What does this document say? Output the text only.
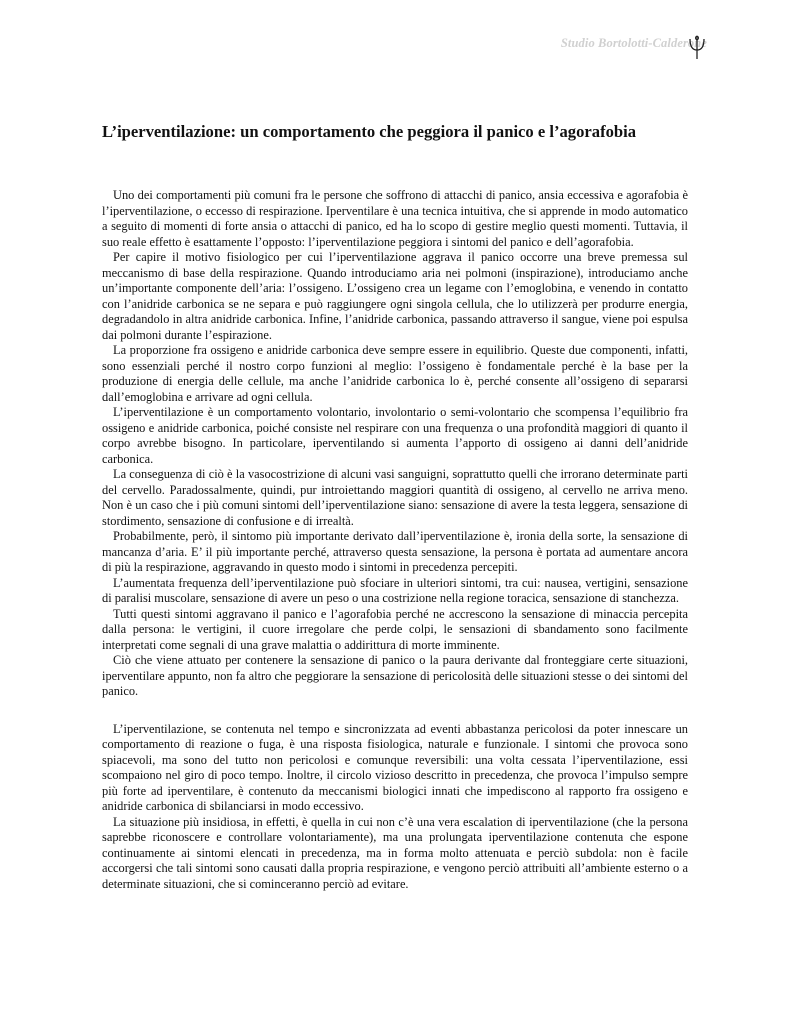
Studio Bortolotti-Calderone
L’iperventilazione: un comportamento che peggiora il panico e l’agorafobia

Uno dei comportamenti più comuni fra le persone che soffrono di attacchi di panico, ansia eccessiva e agorafobia è l’iperventilazione, o eccesso di respirazione. Iperventilare è una tecnica intuitiva, che si apprende in modo automatico a seguito di momenti di forte ansia o attacchi di panico, ed ha lo scopo di gestire meglio questi momenti. Tuttavia, il suo reale effetto è esattamente l’opposto: l’iperventilazione peggiora i sintomi del panico e dell’agorafobia.

Per capire il motivo fisiologico per cui l’iperventilazione aggrava il panico occorre una breve premessa sul meccanismo di base della respirazione. Quando introduciamo aria nei polmoni (inspirazione), introduciamo anche un’importante componente dell’aria: l’ossigeno. L’ossigeno crea un legame con l’emoglobina, e venendo in contatto con l’anidride carbonica se ne separa e può raggiungere ogni singola cellula, che lo utilizzerà per produrre energia, degradandolo in altra anidride carbonica. Infine, l’anidride carbonica, passando attraverso il sangue, viene poi espulsa dai polmoni durante l’espirazione.

La proporzione fra ossigeno e anidride carbonica deve sempre essere in equilibrio. Queste due componenti, infatti, sono essenziali perché il nostro corpo funzioni al meglio: l’ossigeno è fondamentale perché è la base per la produzione di energia delle cellule, ma anche l’anidride carbonica lo è, perché consente all’ossigeno di separarsi dall’emoglobina e arrivare ad ogni cellula.

L’iperventilazione è un comportamento volontario, involontario o semi-volontario che scompensa l’equilibrio fra ossigeno e anidride carbonica, poiché consiste nel respirare con una frequenza o una profondità maggiori di quanto il corpo avrebbe bisogno. In particolare, iperventilando si aumenta l’apporto di ossigeno ai danni dell’anidride carbonica.

La conseguenza di ciò è la vasocostrizione di alcuni vasi sanguigni, soprattutto quelli che irrorano determinate parti del cervello. Paradossalmente, quindi, pur introiettando maggiori quantità di ossigeno, al cervello ne arriva meno. Non è un caso che i più comuni sintomi dell’iperventilazione siano: sensazione di avere la testa leggera, sensazione di stordimento, sensazione di confusione e di irrealtà.

Probabilmente, però, il sintomo più importante derivato dall’iperventilazione è, ironia della sorte, la sensazione di mancanza d’aria. E’ il più importante perché, attraverso questa sensazione, la persona è portata ad aumentare ancora di più la respirazione, aggravando in questo modo i sintomi in precedenza percepiti.

L’aumentata frequenza dell’iperventilazione può sfociare in ulteriori sintomi, tra cui: nausea, vertigini, sensazione di paralisi muscolare, sensazione di avere un peso o una costrizione nella regione toracica, sensazione di stanchezza.

Tutti questi sintomi aggravano il panico e l’agorafobia perché ne accrescono la sensazione di minaccia percepita dalla persona: le vertigini, il cuore irregolare che perde colpi, le sensazioni di sbandamento sono facilmente interpretati come segnali di una grave malattia o addirittura di morte imminente.

Ciò che viene attuato per contenere la sensazione di panico o la paura derivante dal fronteggiare certe situazioni, iperventilare appunto, non fa altro che peggiorare la sensazione di pericolosità delle situazioni stesse o dei sintomi del panico.

L’iperventilazione, se contenuta nel tempo e sincronizzata ad eventi abbastanza pericolosi da poter innescare un comportamento di reazione o fuga, è una risposta fisiologica, naturale e funzionale. I sintomi che provoca sono spiacevoli, ma sono del tutto non pericolosi e comunque reversibili: una volta cessata l’iperventilazione, essi scompaiono nel giro di poco tempo. Inoltre, il circolo vizioso descritto in precedenza, che provoca l’impulso sempre più forte ad iperventilare, è contenuto da meccanismi biologici innati che impediscono al rapporto fra ossigeno e anidride carbonica di sbilanciarsi in modo eccessivo.

La situazione più insidiosa, in effetti, è quella in cui non c’è una vera escalation di iperventilazione (che la persona saprebbe riconoscere e controllare volontariamente), ma una prolungata iperventilazione contenuta che espone continuamente ai sintomi elencati in precedenza, ma in forma molto attenuata e perciò subdola: non è facile accorgersi che tali sintomi sono causati dalla propria respirazione, e vengono perciò attribuiti all’ambiente esterno o a determinate situazioni, che si cominceranno perciò ad evitare.
